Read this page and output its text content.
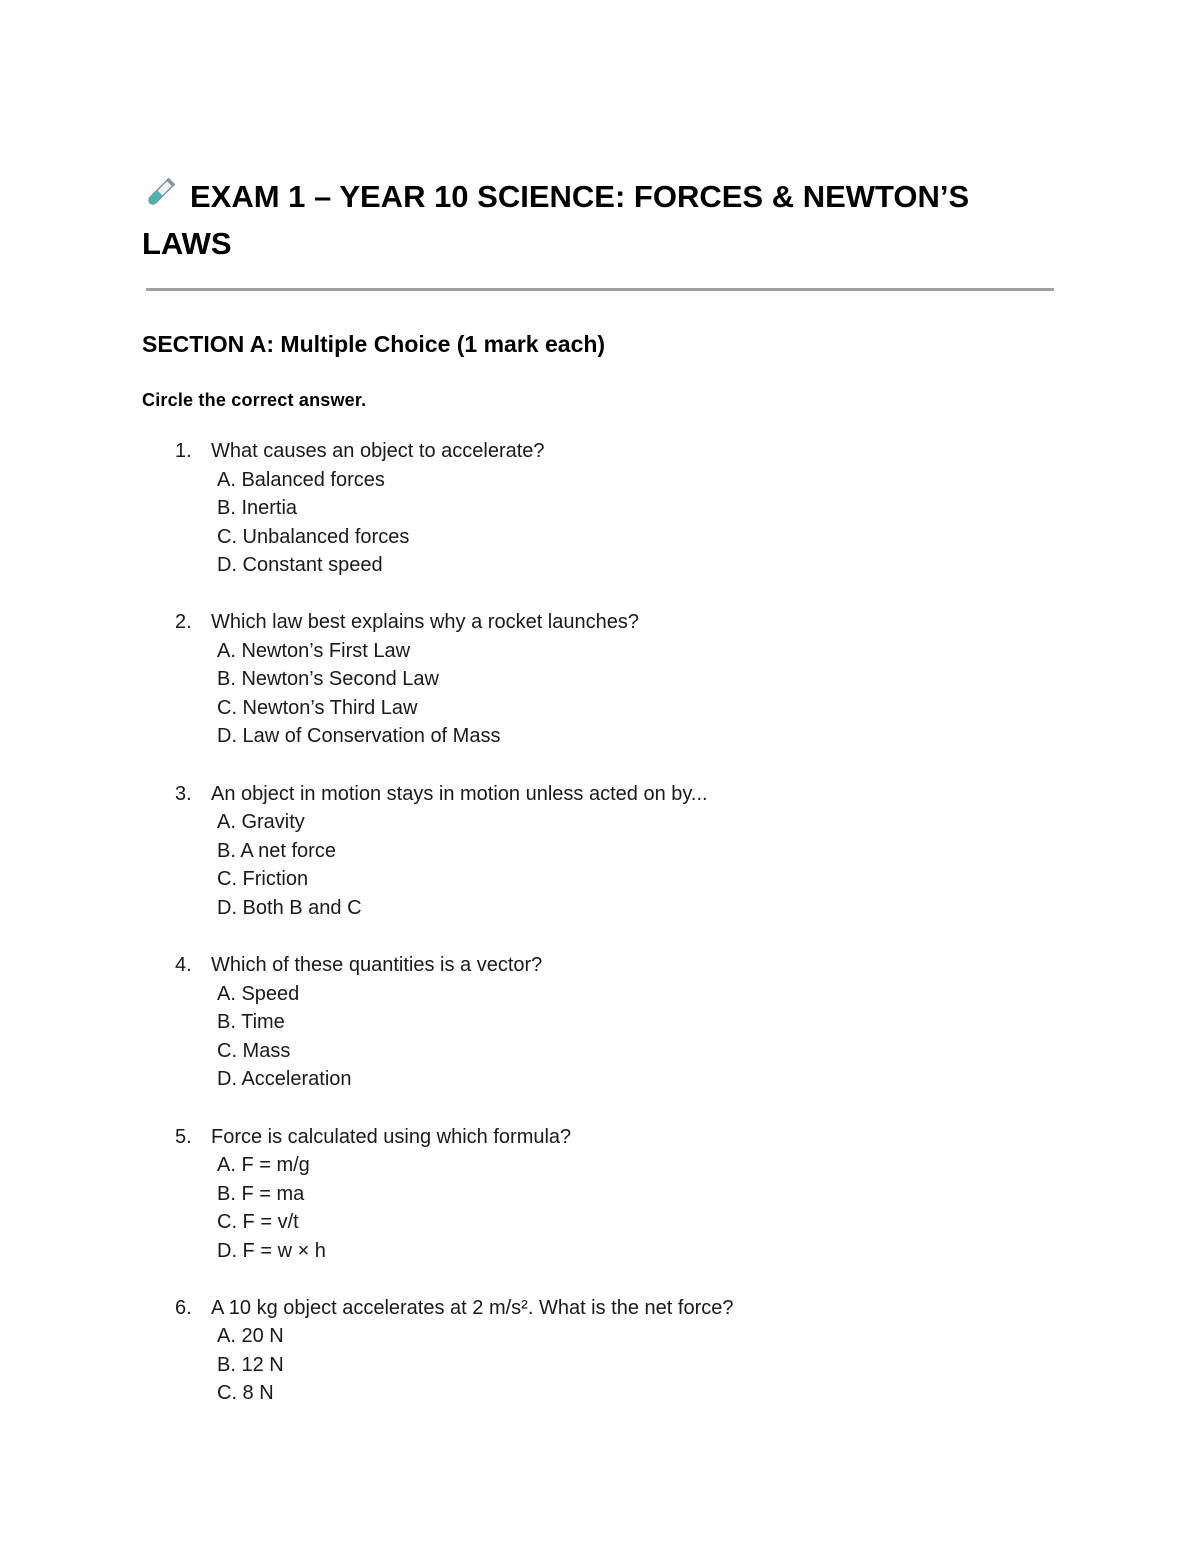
EXAM 1 – YEAR 10 SCIENCE: FORCES & NEWTON’S LAWS
SECTION A: Multiple Choice (1 mark each)

Circle the correct answer.

1. What causes an object to accelerate?
A. Balanced forces
B. Inertia
C. Unbalanced forces
D. Constant speed
2. Which law best explains why a rocket launches?
A. Newton’s First Law
B. Newton’s Second Law
C. Newton’s Third Law
D. Law of Conservation of Mass
3. An object in motion stays in motion unless acted on by...
A. Gravity
B. A net force
C. Friction
D. Both B and C
4. Which of these quantities is a vector?
A. Speed
B. Time
C. Mass
D. Acceleration
5. Force is calculated using which formula?
A. F = m/g
B. F = ma
C. F = v/t
D. F = w × h
6. A 10 kg object accelerates at 2 m/s². What is the net force?
A. 20 N
B. 12 N
C. 8 N
